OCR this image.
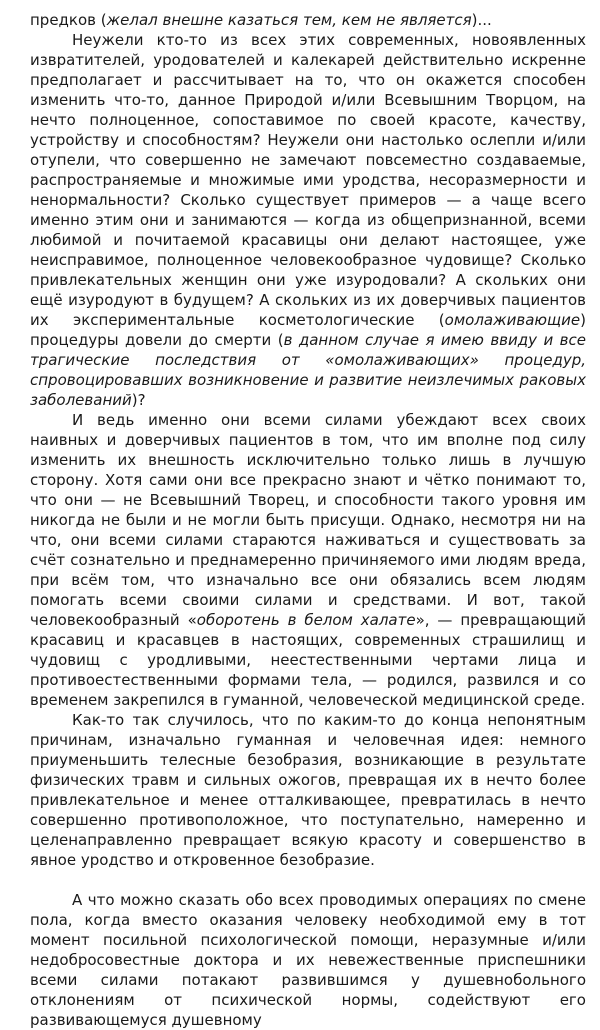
предков (желал внешне казаться тем, кем не является)...

Неужели кто-то из всех этих современных, новоявленных извратителей, уродователей и калекарей действительно искренне предполагает и рассчитывает на то, что он окажется способен изменить что-то, данное Природой и/или Всевышним Творцом, на нечто полноценное, сопоставимое по своей красоте, качеству, устройству и способностям? Неужели они настолько ослепли и/или отупели, что совершенно не замечают повсеместно создаваемые, распространяемые и множимые ими уродства, несоразмерности и ненормальности? Сколько существует примеров — а чаще всего именно этим они и занимаются — когда из общепризнанной, всеми любимой и почитаемой красавицы они делают настоящее, уже неисправимое, полноценное человекообразное чудовище? Сколько привлекательных женщин они уже изуродовали? А скольких они ещё изуродуют в будущем? А скольких из их доверчивых пациентов их экспериментальные косметологические (омолаживающие) процедуры довели до смерти (в данном случае я имею ввиду и все трагические последствия от «омолаживающих» процедур, спровоцировавших возникновение и развитие неизлечимых раковых заболеваний)?

И ведь именно они всеми силами убеждают всех своих наивных и доверчивых пациентов в том, что им вполне под силу изменить их внешность исключительно только лишь в лучшую сторону. Хотя сами они все прекрасно знают и чётко понимают то, что они — не Всевышний Творец, и способности такого уровня им никогда не были и не могли быть присущи. Однако, несмотря ни на что, они всеми силами стараются наживаться и существовать за счёт сознательно и преднамеренно причиняемого ими людям вреда, при всём том, что изначально все они обязались всем людям помогать всеми своими силами и средствами. И вот, такой человекообразный «оборотень в белом халате», — превращающий красавиц и красавцев в настоящих, современных страшилищ и чудовищ с уродливыми, неестественными чертами лица и противоестественными формами тела, — родился, развился и со временем закрепился в гуманной, человеческой медицинской среде.

Как-то так случилось, что по каким-то до конца непонятным причинам, изначально гуманная и человечная идея: немного приуменьшить телесные безобразия, возникающие в результате физических травм и сильных ожогов, превращая их в нечто более привлекательное и менее отталкивающее, превратилась в нечто совершенно противоположное, что поступательно, намеренно и целенаправленно превращает всякую красоту и совершенство в явное уродство и откровенное безобразие.

А что можно сказать обо всех проводимых операциях по смене пола, когда вместо оказания человеку необходимой ему в тот момент посильной психологической помощи, неразумные и/или недобросовестные доктора и их невежественные приспешники всеми силами потакают развившимся у душевнобольного отклонениям от психической нормы, содействуют его развивающемуся душевному
